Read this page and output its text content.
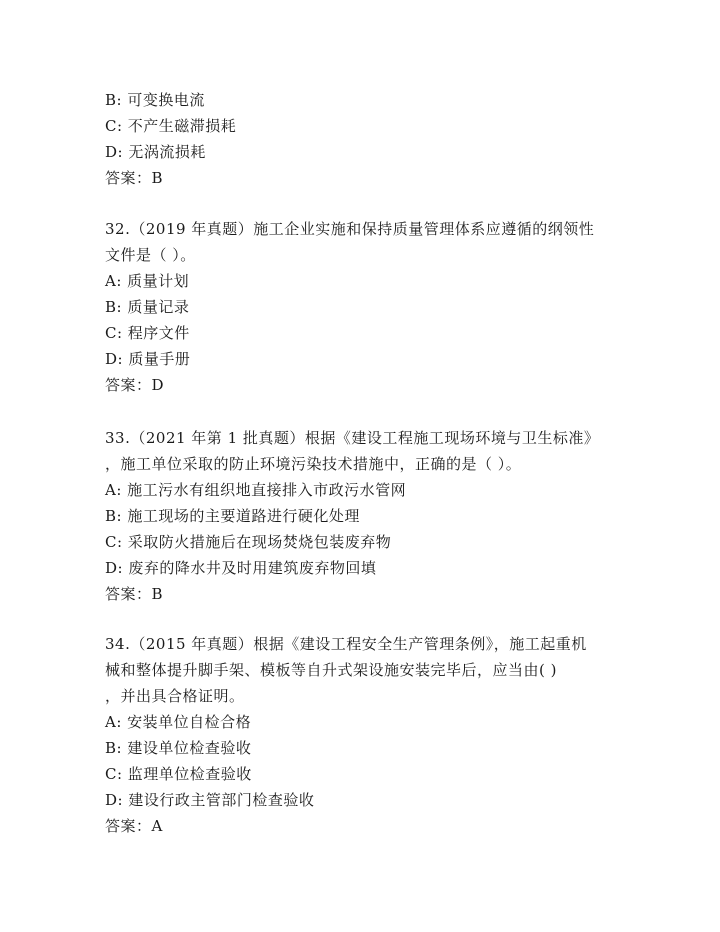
B: 可变换电流
C: 不产生磁滞损耗
D: 无涡流损耗
答案：B
32.（2019 年真题）施工企业实施和保持质量管理体系应遵循的纲领性
文件是（ ）。
A: 质量计划
B: 质量记录
C: 程序文件
D: 质量手册
答案：D
33.（2021 年第 1 批真题）根据《建设工程施工现场环境与卫生标准》
，施工单位采取的防止环境污染技术措施中，正确的是（ ）。
A: 施工污水有组织地直接排入市政污水管网
B: 施工现场的主要道路进行硬化处理
C: 采取防火措施后在现场焚烧包装废弃物
D: 废弃的降水井及时用建筑废弃物回填
答案：B
34.（2015 年真题）根据《建设工程安全生产管理条例》，施工起重机
械和整体提升脚手架、模板等自升式架设施安装完毕后，应当由( )
，并出具合格证明。
A: 安装单位自检合格
B: 建设单位检查验收
C: 监理单位检查验收
D: 建设行政主管部门检查验收
答案：A
